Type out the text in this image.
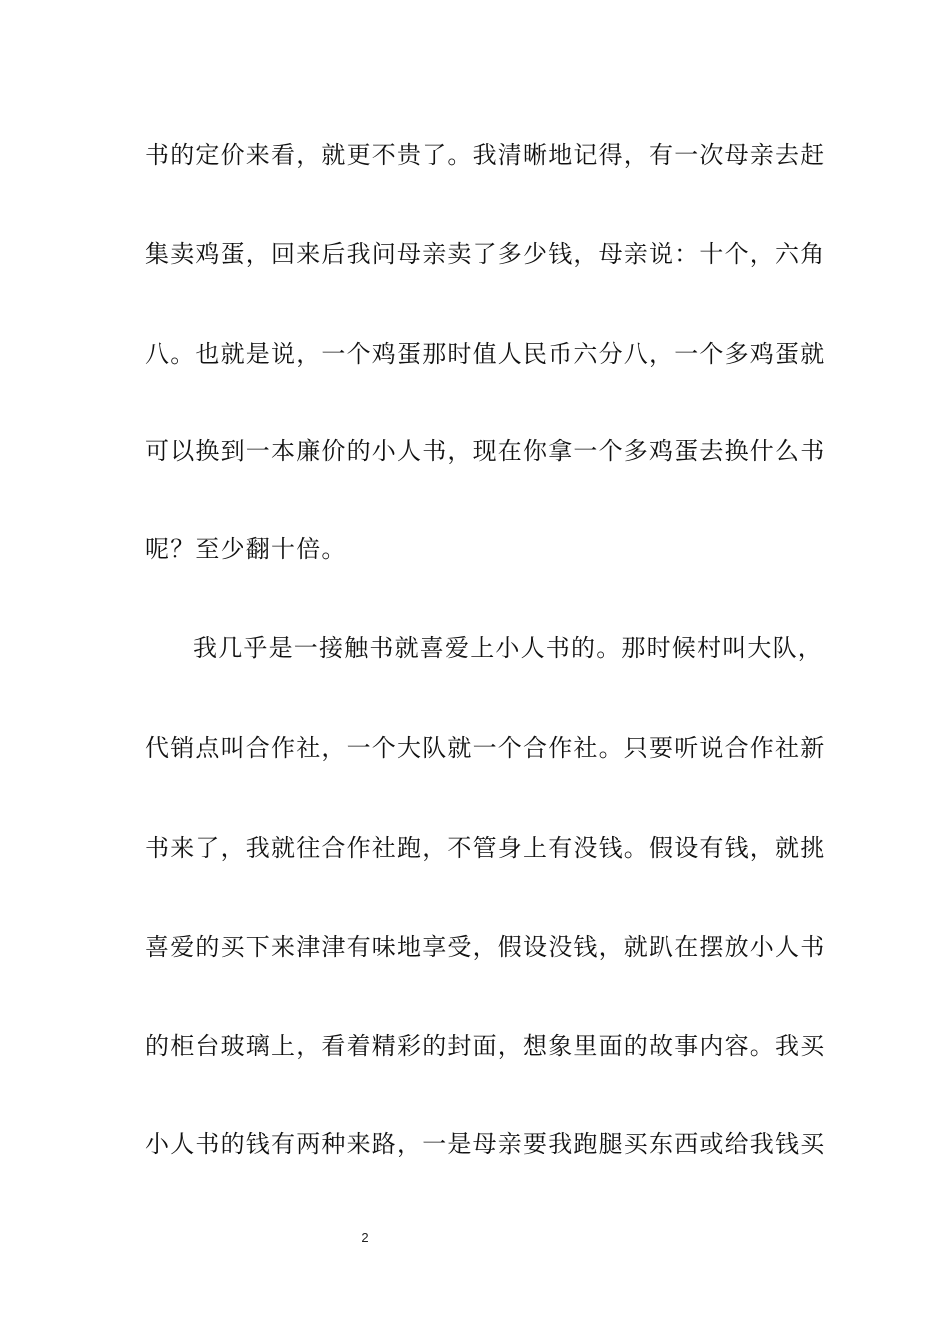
书的定价来看，就更不贵了。我清晰地记得，有一次母亲去赶
集卖鸡蛋，回来后我问母亲卖了多少钱，母亲说：十个，六角
八。也就是说，一个鸡蛋那时值人民币六分八，一个多鸡蛋就
可以换到一本廉价的小人书，现在你拿一个多鸡蛋去换什么书
呢？至少翻十倍。
我几乎是一接触书就喜爱上小人书的。那时候村叫大队，
代销点叫合作社，一个大队就一个合作社。只要听说合作社新
书来了，我就往合作社跑，不管身上有没钱。假设有钱，就挑
喜爱的买下来津津有味地享受，假设没钱，就趴在摆放小人书
的柜台玻璃上，看着精彩的封面，想象里面的故事内容。我买
小人书的钱有两种来路，一是母亲要我跑腿买东西或给我钱买
2
